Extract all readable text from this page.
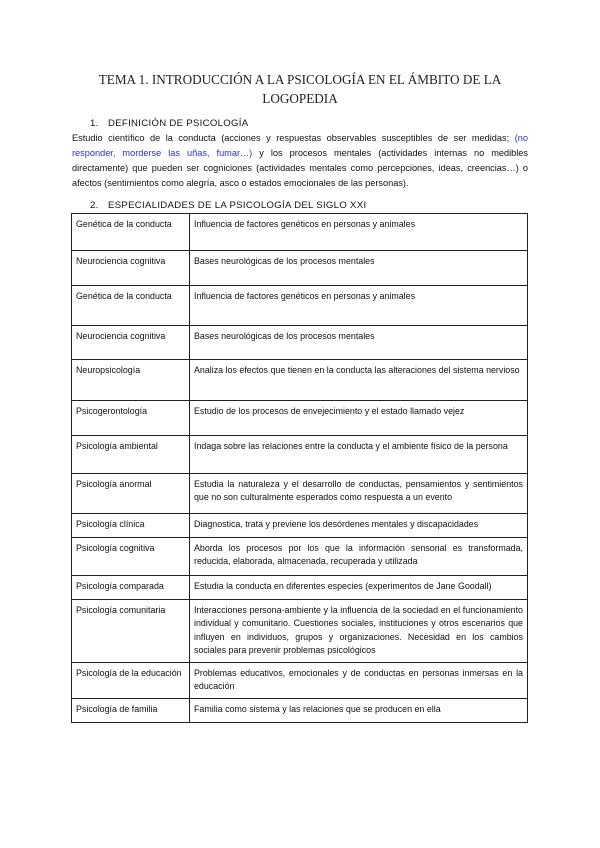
TEMA 1. INTRODUCCIÓN A LA PSICOLOGÍA EN EL ÁMBITO DE LA LOGOPEDIA
1. DEFINICIÓN DE PSICOLOGÍA
Estudio científico de la conducta (acciones y respuestas observables susceptibles de ser medidas; (no responder, morderse las uñas, fumar…) y los procesos mentales (actividades internas no medibles directamente) que pueden ser cogniciones (actividades mentales como percepciones, ideas, creencias…) o afectos (sentimientos como alegría, asco o estados emocionales de las personas).
2. ESPECIALIDADES DE LA PSICOLOGÍA DEL SIGLO XXI
Genética de la conducta	Influencia de factores genéticos en personas y animales
Neurociencia cognitiva	Bases neurológicas de los procesos mentales
Genética de la conducta	Influencia de factores genéticos en personas y animales
Neurociencia cognitiva	Bases neurológicas de los procesos mentales
Neuropsicología	Analiza los efectos que tienen en la conducta las alteraciones del sistema nervioso
Psicogerontología	Estudio de los procesos de envejecimiento y el estado llamado vejez
Psicología ambiental	Indaga sobre las relaciones entre la conducta y el ambiente físico de la persona
Psicología anormal	Estudia la naturaleza y el desarrollo de conductas, pensamientos y sentimientos que no son culturalmente esperados como respuesta a un evento
Psicología clínica	Diagnostica, trata y previene los desórdenes mentales y discapacidades
Psicología cognitiva	Aborda los procesos por los que la información sensorial es transformada, reducida, elaborada, almacenada, recuperada y utilizada
Psicología comparada	Estudia la conducta en diferentes especies (experimentos de Jane Goodall)
Psicología comunitaria	Interacciones persona-ambiente y la influencia de la sociedad en el funcionamiento individual y comunitario. Cuestiones sociales, instituciones y otros escenarios que influyen en individuos, grupos y organizaciones. Necesidad en los cambios sociales para prevenir problemas psicológicos
Psicología de la educación	Problemas educativos, emocionales y de conductas en personas inmersas en la educación
Psicología de familia	Familia como sistema y las relaciones que se producen en ella
